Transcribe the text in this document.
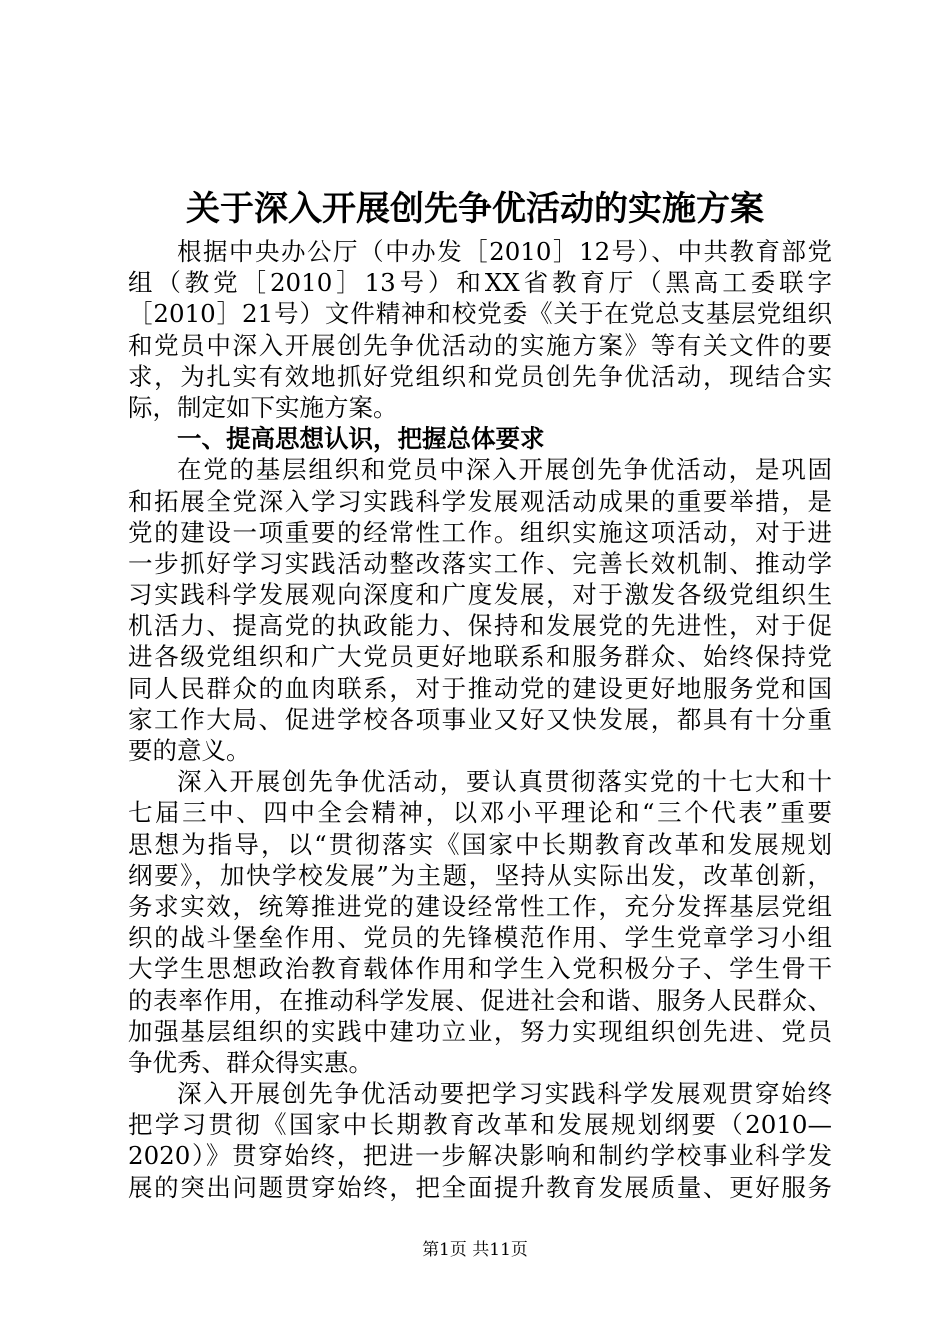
关于深入开展创先争优活动的实施方案
根据中央办公厅（中办发［2010］12号）、中共教育部党
组（教党［2010］13号）和XX省教育厅（黑高工委联字
［2010］21号）文件精神和校党委《关于在党总支基层党组织
和党员中深入开展创先争优活动的实施方案》等有关文件的要
求，为扎实有效地抓好党组织和党员创先争优活动，现结合实
际，制定如下实施方案。
一、提高思想认识，把握总体要求
在党的基层组织和党员中深入开展创先争优活动，是巩固
和拓展全党深入学习实践科学发展观活动成果的重要举措，是
党的建设一项重要的经常性工作。组织实施这项活动，对于进
一步抓好学习实践活动整改落实工作、完善长效机制、推动学
习实践科学发展观向深度和广度发展，对于激发各级党组织生
机活力、提高党的执政能力、保持和发展党的先进性，对于促
进各级党组织和广大党员更好地联系和服务群众、始终保持党
同人民群众的血肉联系，对于推动党的建设更好地服务党和国
家工作大局、促进学校各项事业又好又快发展，都具有十分重
要的意义。
深入开展创先争优活动，要认真贯彻落实党的十七大和十
七届三中、四中全会精神，以邓小平理论和“三个代表”重要
思想为指导，以“贯彻落实《国家中长期教育改革和发展规划
纲要》，加快学校发展”为主题，坚持从实际出发，改革创新，
务求实效，统筹推进党的建设经常性工作，充分发挥基层党组
织的战斗堡垒作用、党员的先锋模范作用、学生党章学习小组
大学生思想政治教育载体作用和学生入党积极分子、学生骨干
的表率作用，在推动科学发展、促进社会和谐、服务人民群众、
加强基层组织的实践中建功立业，努力实现组织创先进、党员
争优秀、群众得实惠。
深入开展创先争优活动要把学习实践科学发展观贯穿始终
把学习贯彻《国家中长期教育改革和发展规划纲要（2010—
2020）》贯穿始终，把进一步解决影响和制约学校事业科学发
展的突出问题贯穿始终，把全面提升教育发展质量、更好服务
第1页 共11页
